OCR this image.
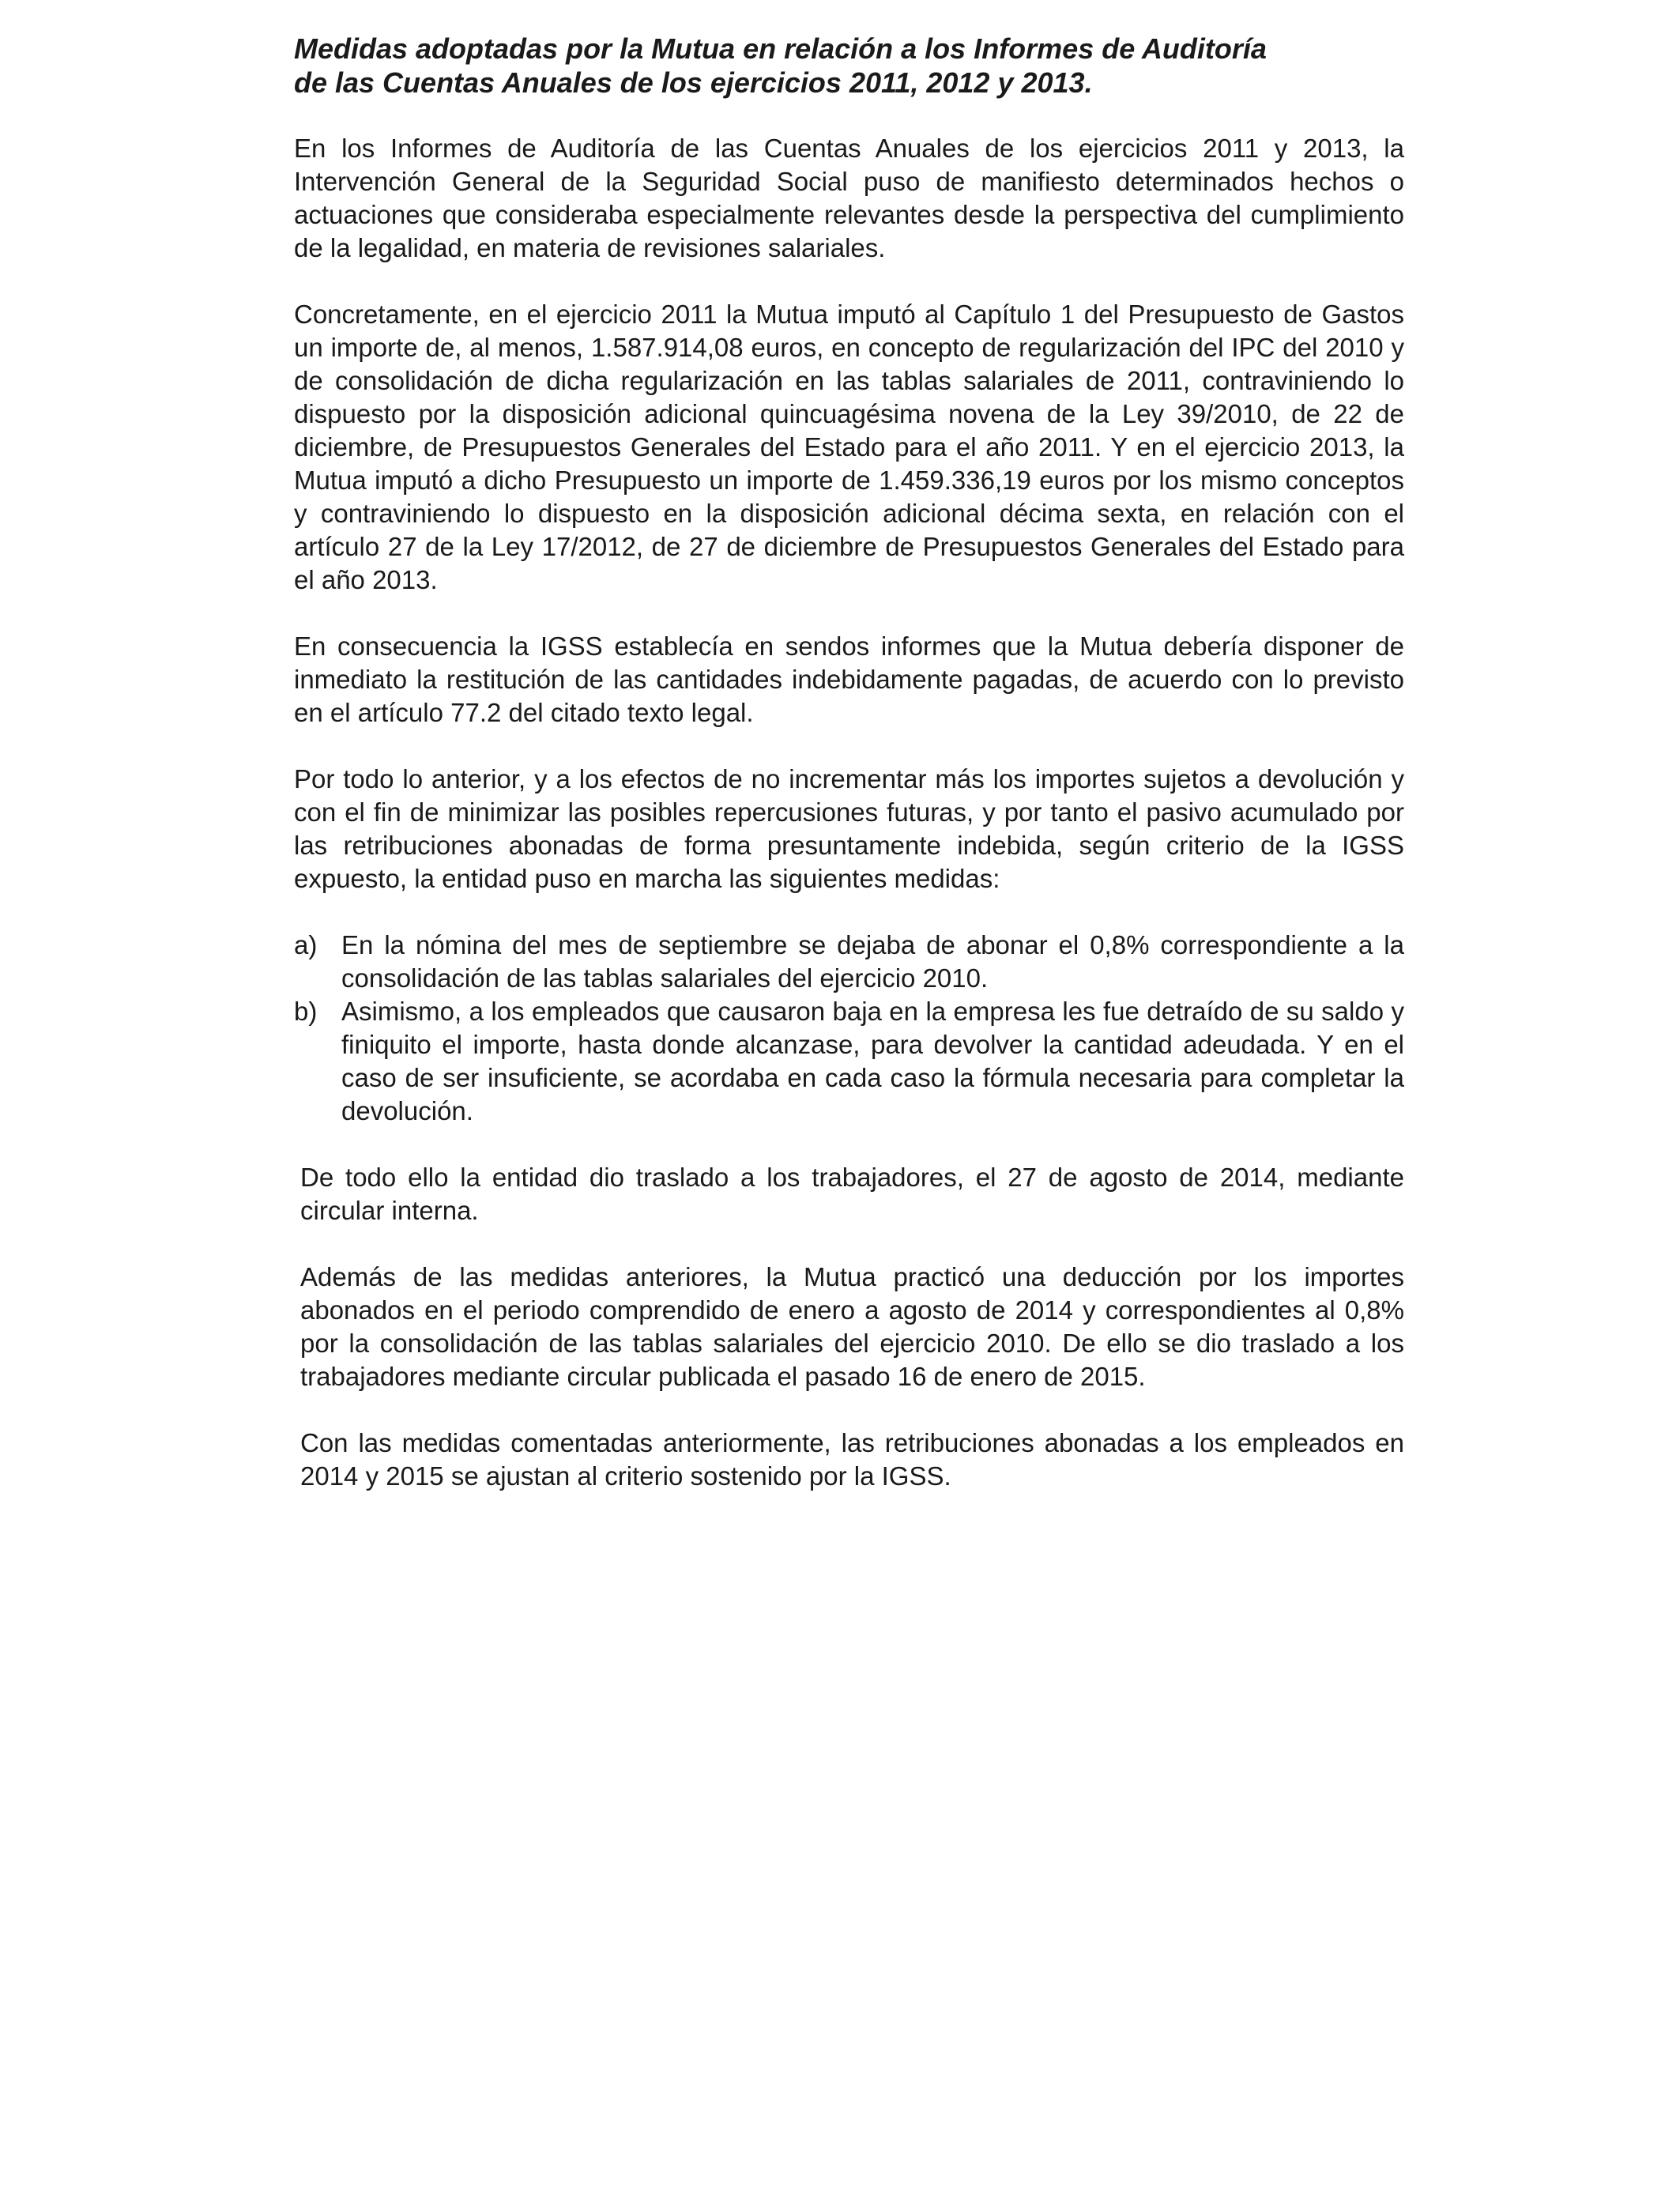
Medidas adoptadas por la Mutua en relación a los Informes de Auditoría
de las Cuentas Anuales de los ejercicios 2011, 2012 y 2013.

En los Informes de Auditoría de las Cuentas Anuales de los ejercicios 2011 y 2013, la Intervención General de la Seguridad Social puso de manifiesto determinados hechos o actuaciones que consideraba especialmente relevantes desde la perspectiva del cumplimiento de la legalidad, en materia de revisiones salariales.

Concretamente, en el ejercicio 2011 la Mutua imputó al Capítulo 1 del Presupuesto de Gastos un importe de, al menos, 1.587.914,08 euros, en concepto de regularización del IPC del 2010 y de consolidación de dicha regularización en las tablas salariales de 2011, contraviniendo lo dispuesto por la disposición adicional quincuagésima novena de la Ley 39/2010, de 22 de diciembre, de Presupuestos Generales del Estado para el año 2011. Y en el ejercicio 2013, la Mutua imputó a dicho Presupuesto un importe de 1.459.336,19 euros por los mismo conceptos y contraviniendo lo dispuesto en la disposición adicional décima sexta, en relación con el artículo 27 de la Ley 17/2012, de 27 de diciembre de Presupuestos Generales del Estado para el año 2013.

En consecuencia la IGSS establecía en sendos informes que la Mutua debería disponer de inmediato la restitución de las cantidades indebidamente pagadas, de acuerdo con lo previsto en el artículo 77.2 del citado texto legal.

Por todo lo anterior, y a los efectos de no incrementar más los importes sujetos a devolución y con el fin de minimizar las posibles repercusiones futuras, y por tanto el pasivo acumulado por las retribuciones abonadas de forma presuntamente indebida, según criterio de la IGSS expuesto, la entidad puso en marcha las siguientes medidas:

a) En la nómina del mes de septiembre se dejaba de abonar el 0,8% correspondiente a la consolidación de las tablas salariales del ejercicio 2010.
b) Asimismo, a los empleados que causaron baja en la empresa les fue detraído de su saldo y finiquito el importe, hasta donde alcanzase, para devolver la cantidad adeudada. Y en el caso de ser insuficiente, se acordaba en cada caso la fórmula necesaria para completar la devolución.

De todo ello la entidad dio traslado a los trabajadores, el 27 de agosto de 2014, mediante circular interna.

Además de las medidas anteriores, la Mutua practicó una deducción por los importes abonados en el periodo comprendido de enero a agosto de 2014 y correspondientes al 0,8% por la consolidación de las tablas salariales del ejercicio 2010. De ello se dio traslado a los trabajadores mediante circular publicada el pasado 16 de enero de 2015.

Con las medidas comentadas anteriormente, las retribuciones abonadas a los empleados en 2014 y 2015 se ajustan al criterio sostenido por la IGSS.
